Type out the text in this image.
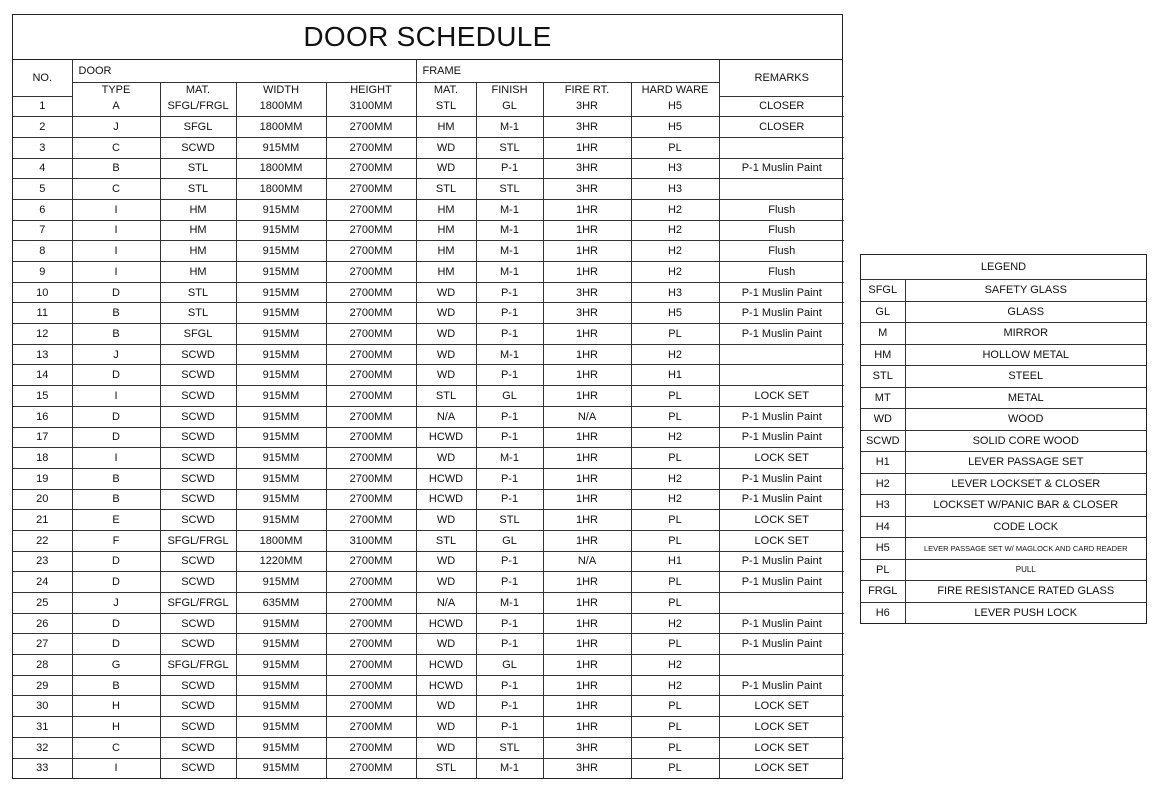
DOOR SCHEDULE
NO.	DOOR				FRAME				REMARKS
	TYPE	MAT.	WIDTH	HEIGHT	MAT.	FINISH	FIRE RT.	HARD WARE	
1	A	SFGL/FRGL	1800MM	3100MM	STL	GL	3HR	H5	CLOSER
2	J	SFGL	1800MM	2700MM	HM	M-1	3HR	H5	CLOSER
3	C	SCWD	915MM	2700MM	WD	STL	1HR	PL	
4	B	STL	1800MM	2700MM	WD	P-1	3HR	H3	P-1 Muslin Paint
5	C	STL	1800MM	2700MM	STL	STL	3HR	H3	
6	I	HM	915MM	2700MM	HM	M-1	1HR	H2	Flush
7	I	HM	915MM	2700MM	HM	M-1	1HR	H2	Flush
8	I	HM	915MM	2700MM	HM	M-1	1HR	H2	Flush
9	I	HM	915MM	2700MM	HM	M-1	1HR	H2	Flush
10	D	STL	915MM	2700MM	WD	P-1	3HR	H3	P-1 Muslin Paint
11	B	STL	915MM	2700MM	WD	P-1	3HR	H5	P-1 Muslin Paint
12	B	SFGL	915MM	2700MM	WD	P-1	1HR	PL	P-1 Muslin Paint
13	J	SCWD	915MM	2700MM	WD	M-1	1HR	H2	
14	D	SCWD	915MM	2700MM	WD	P-1	1HR	H1	
15	I	SCWD	915MM	2700MM	STL	GL	1HR	PL	LOCK SET
16	D	SCWD	915MM	2700MM	N/A	P-1	N/A	PL	P-1 Muslin Paint
17	D	SCWD	915MM	2700MM	HCWD	P-1	1HR	H2	P-1 Muslin Paint
18	I	SCWD	915MM	2700MM	WD	M-1	1HR	PL	LOCK SET
19	B	SCWD	915MM	2700MM	HCWD	P-1	1HR	H2	P-1 Muslin Paint
20	B	SCWD	915MM	2700MM	HCWD	P-1	1HR	H2	P-1 Muslin Paint
21	E	SCWD	915MM	2700MM	WD	STL	1HR	PL	LOCK SET
22	F	SFGL/FRGL	1800MM	3100MM	STL	GL	1HR	PL	LOCK SET
23	D	SCWD	1220MM	2700MM	WD	P-1	N/A	H1	P-1 Muslin Paint
24	D	SCWD	915MM	2700MM	WD	P-1	1HR	PL	P-1 Muslin Paint
25	J	SFGL/FRGL	635MM	2700MM	N/A	M-1	1HR	PL	
26	D	SCWD	915MM	2700MM	HCWD	P-1	1HR	H2	P-1 Muslin Paint
27	D	SCWD	915MM	2700MM	WD	P-1	1HR	PL	P-1 Muslin Paint
28	G	SFGL/FRGL	915MM	2700MM	HCWD	GL	1HR	H2	
29	B	SCWD	915MM	2700MM	HCWD	P-1	1HR	H2	P-1 Muslin Paint
30	H	SCWD	915MM	2700MM	WD	P-1	1HR	PL	LOCK SET
31	H	SCWD	915MM	2700MM	WD	P-1	1HR	PL	LOCK SET
32	C	SCWD	915MM	2700MM	WD	STL	3HR	PL	LOCK SET
33	I	SCWD	915MM	2700MM	STL	M-1	3HR	PL	LOCK SET
LEGEND	
SFGL	SAFETY GLASS
GL	GLASS
M	MIRROR
HM	HOLLOW METAL
STL	STEEL
MT	METAL
WD	WOOD
SCWD	SOLID CORE WOOD
H1	LEVER PASSAGE SET
H2	LEVER LOCKSET & CLOSER
H3	LOCKSET W/PANIC BAR & CLOSER
H4	CODE LOCK
H5	LEVER PASSAGE SET W/ MAGLOCK AND CARD READER
PL	PULL
FRGL	FIRE RESISTANCE RATED GLASS
H6	LEVER PUSH LOCK
